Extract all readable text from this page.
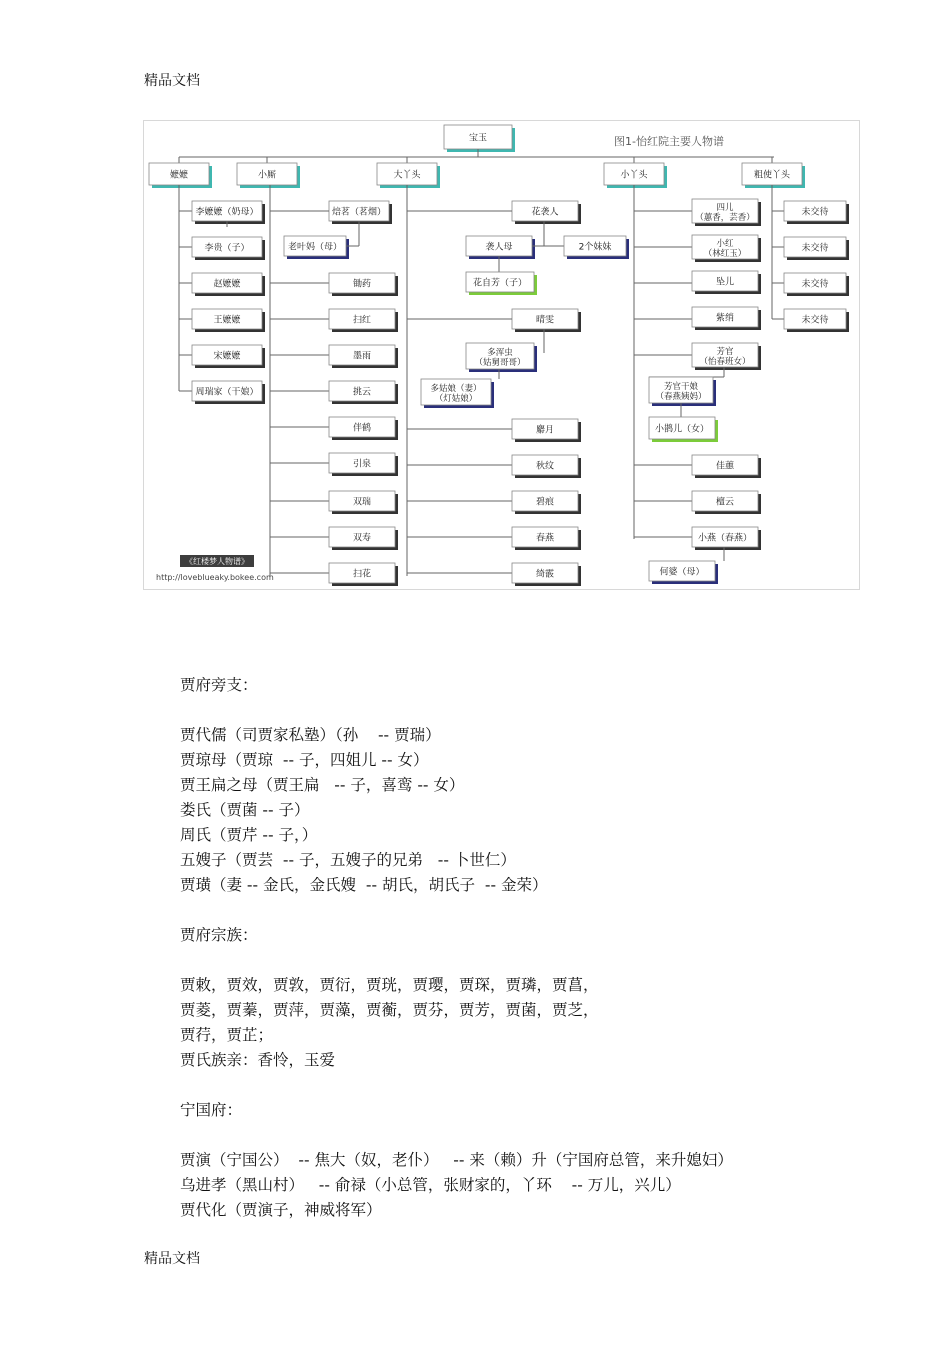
精品文档
图1-怡红院主要人物谱
宝玉
嬷嬷	小厮	大丫头	小丫头	粗使丫头
李嬷嬷（奶母）
李贵（子）
赵嬷嬷
王嬷嬷
宋嬷嬷
周瑞家（干娘）
焙茗（茗烟）
老叶妈（母）
锄药
扫红
墨雨
挑云
伴鹤
引泉
双瑞
双寿
扫花
花袭人
袭人母	2个妹妹
花自芳（子）
晴雯
多浑虫
（姑舅哥哥）
多姑娘（妻）
（灯姑娘）
麝月
秋纹
碧痕
春燕
绮霰
四儿
（蕙香，芸香）
小红
（林红玉）
坠儿
紫绡
芳官
（怡春班女）
芳官干娘
（春燕姨妈）
小鹊儿（女）
佳蕙
檀云
小燕（春燕）
何婆（母）
未交待
未交待
未交待
未交待
《红楼梦人物谱》
http://loveblueaky.bokee.com

贾府旁支：

贾代儒（司贾家私塾）（孙    -- 贾瑞）

贾琼母（贾琼  -- 子，四姐儿 -- 女）

贾王扁之母（贾王扁   -- 子，喜鸾 -- 女）

娄氏（贾菌 -- 子）

周氏（贾芹 -- 子，）

五嫂子（贾芸  -- 子，五嫂子的兄弟   -- 卜世仁）

贾璜（妻 -- 金氏，金氏嫂  -- 胡氏，胡氏子  -- 金荣）

贾府宗族：

贾敕，贾效，贾敦，贾衍，贾珖，贾璎，贾琛，贾璘，贾菖，

贾菱，贾蓁，贾萍，贾藻，贾蘅，贾芬，贾芳，贾菌，贾芝，

贾荇，贾芷；

贾氏族亲：香怜，玉爱

宁国府：

贾演（宁国公）  -- 焦大（奴，老仆）   -- 来（赖）升（宁国府总管，来升媳妇）

乌进孝（黑山村）   -- 俞禄（小总管，张财家的，丫环    -- 万儿，兴儿）

贾代化（贾演子，神威将军）

精品文档
